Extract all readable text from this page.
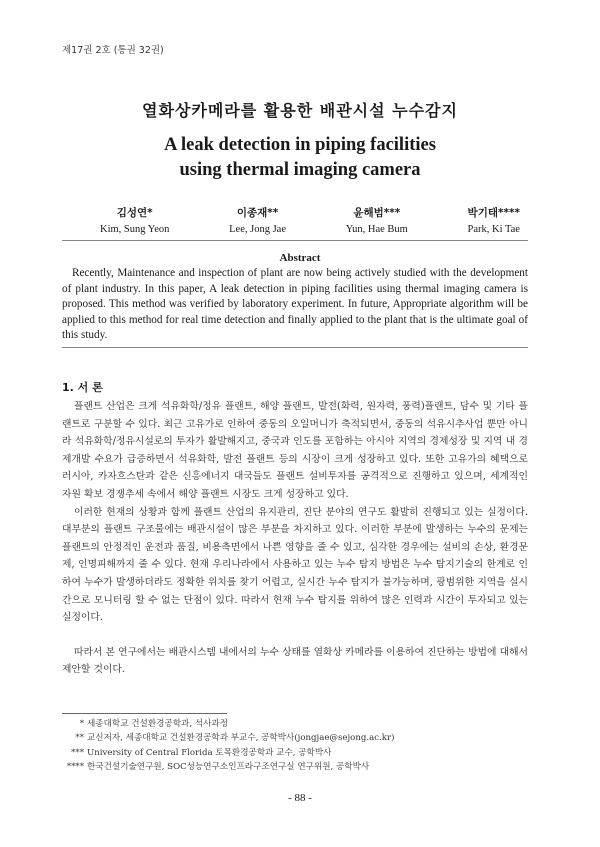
제17권 2호 (통권 32권)
열화상카메라를 활용한 배관시설 누수감지
A leak detection in piping facilities
using thermal imaging camera
김성연*
Kim, Sung Yeon
이종재**
Lee, Jong Jae
윤해범***
Yun, Hae Bum
박기태****
Park, Ki Tae
Abstract
Recently, Maintenance and inspection of plant are now being actively studied with the development of plant industry. In this paper, A leak detection in piping facilities using thermal imaging camera is proposed. This method was verified by laboratory experiment. In future, Appropriate algorithm will be applied to this method for real time detection and finally applied to the plant that is the ultimate goal of this study.
1. 서 론

플랜트 산업은 크게 석유화학/정유 플랜트, 해양 플랜트, 발전(화력, 원자력, 풍력)플랜트, 담수 및 기타 플랜트로 구분할 수 있다. 최근 고유가로 인하여 중동의 오일머니가 축적되면서, 중동의 석유시추사업 뿐만 아니라 석유화학/정유시설로의 투자가 활발해지고, 중국과 인도를 포함하는 아시아 지역의 경제성장 및 지역 내 경제개발 수요가 급증하면서 석유화학, 발전 플랜트 등의 시장이 크게 성장하고 있다. 또한 고유가의 혜택으로 러시아, 카자흐스탄과 같은 신흥에너지 대국들도 플랜트 설비투자를 공격적으로 진행하고 있으며, 세계적인 자원 확보 경쟁추세 속에서 해양 플랜트 시장도 크게 성장하고 있다.

이러한 현재의 상황과 함께 플랜트 산업의 유지관리, 진단 분야의 연구도 활발히 진행되고 있는 실정이다. 대부분의 플랜트 구조물에는 배관시설이 많은 부분을 차지하고 있다. 이러한 부분에 발생하는 누수의 문제는 플랜트의 안정적인 운전과 품질, 비용측면에서 나쁜 영향을 줄 수 있고, 심각한 경우에는 설비의 손상, 환경문제, 인명피해까지 줄 수 있다. 현재 우리나라에서 사용하고 있는 누수 탐지 방법은 누수 탐지기술의 한계로 인하여 누수가 발생하더라도 정확한 위치를 찾기 어렵고, 실시간 누수 탐지가 불가능하며, 광범위한 지역을 실시간으로 모니터링 할 수 없는 단점이 있다. 따라서 현재 누수 탐지를 위하여 많은 인력과 시간이 투자되고 있는 실정이다.

따라서 본 연구에서는 배관시스템 내에서의 누수 상태를 열화상 카메라를 이용하여 진단하는 방법에 대해서 제안할 것이다.

* 세종대학교 건설환경공학과, 석사과정
** 교신저자, 세종대학교 건설환경공학과 부교수, 공학박사(jongjae@sejong.ac.kr)
*** University of Central Florida 토목환경공학과 교수, 공학박사
**** 한국건설기술연구원, SOC성능연구소인프라구조연구실 연구위원, 공학박사
- 88 -
